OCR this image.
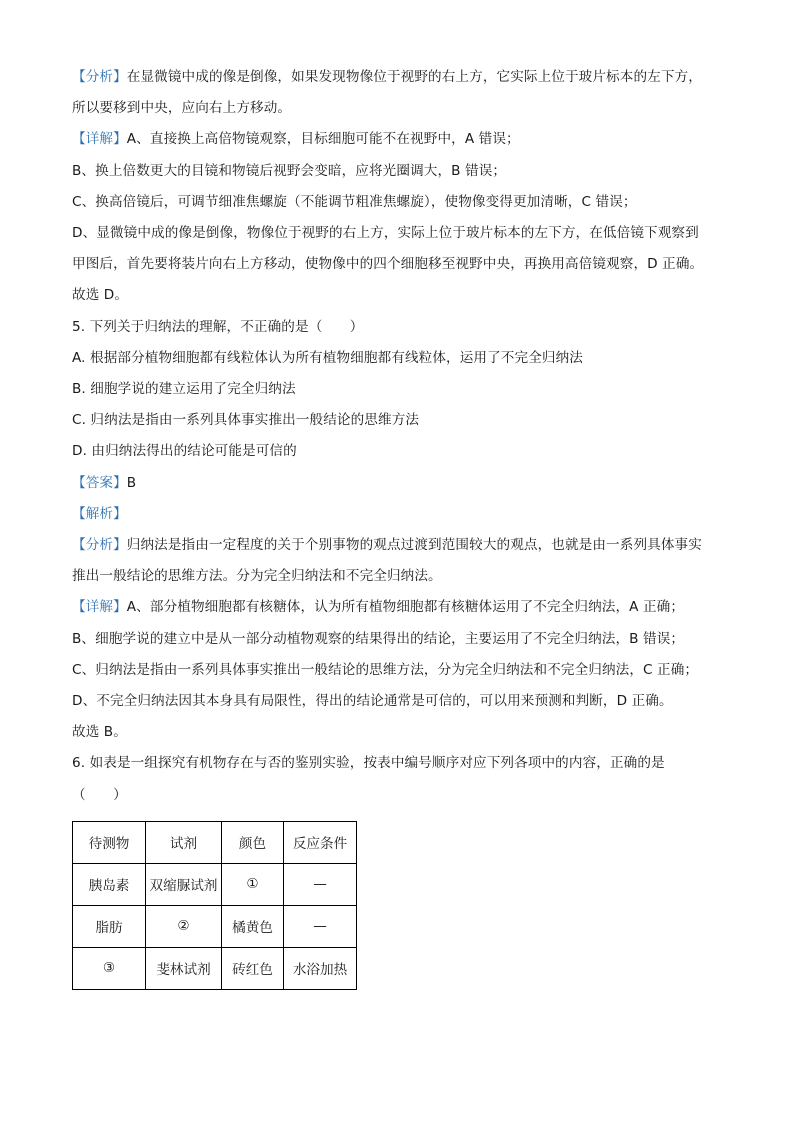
【分析】在显微镜中成的像是倒像，如果发现物像位于视野的右上方，它实际上位于玻片标本的左下方，
所以要移到中央，应向右上方移动。
【详解】A、直接换上高倍物镜观察，目标细胞可能不在视野中，A 错误；
B、换上倍数更大的目镜和物镜后视野会变暗，应将光圈调大，B 错误；
C、换高倍镜后，可调节细准焦螺旋（不能调节粗准焦螺旋），使物像变得更加清晰，C 错误；
D、显微镜中成的像是倒像，物像位于视野的右上方，实际上位于玻片标本的左下方，在低倍镜下观察到
甲图后，首先要将装片向右上方移动，使物像中的四个细胞移至视野中央，再换用高倍镜观察，D 正确。
故选 D。
5. 下列关于归纳法的理解，不正确的是（　　）
A. 根据部分植物细胞都有线粒体认为所有植物细胞都有线粒体，运用了不完全归纳法
B. 细胞学说的建立运用了完全归纳法
C. 归纳法是指由一系列具体事实推出一般结论的思维方法
D. 由归纳法得出的结论可能是可信的
【答案】B
【解析】
【分析】归纳法是指由一定程度的关于个别事物的观点过渡到范围较大的观点，也就是由一系列具体事实
推出一般结论的思维方法。分为完全归纳法和不完全归纳法。
【详解】A、部分植物细胞都有核糖体，认为所有植物细胞都有核糖体运用了不完全归纳法，A 正确；
B、细胞学说的建立中是从一部分动植物观察的结果得出的结论，主要运用了不完全归纳法，B 错误；
C、归纳法是指由一系列具体事实推出一般结论的思维方法，分为完全归纳法和不完全归纳法，C 正确；
D、不完全归纳法因其本身具有局限性，得出的结论通常是可信的，可以用来预测和判断，D 正确。
故选 B。
6. 如表是一组探究有机物存在与否的鉴别实验，按表中编号顺序对应下列各项中的内容，正确的是
（　　）
待测物	试剂	颜色	反应条件
胰岛素	双缩脲试剂	①	—
脂肪	②	橘黄色	—
③	斐林试剂	砖红色	水浴加热
